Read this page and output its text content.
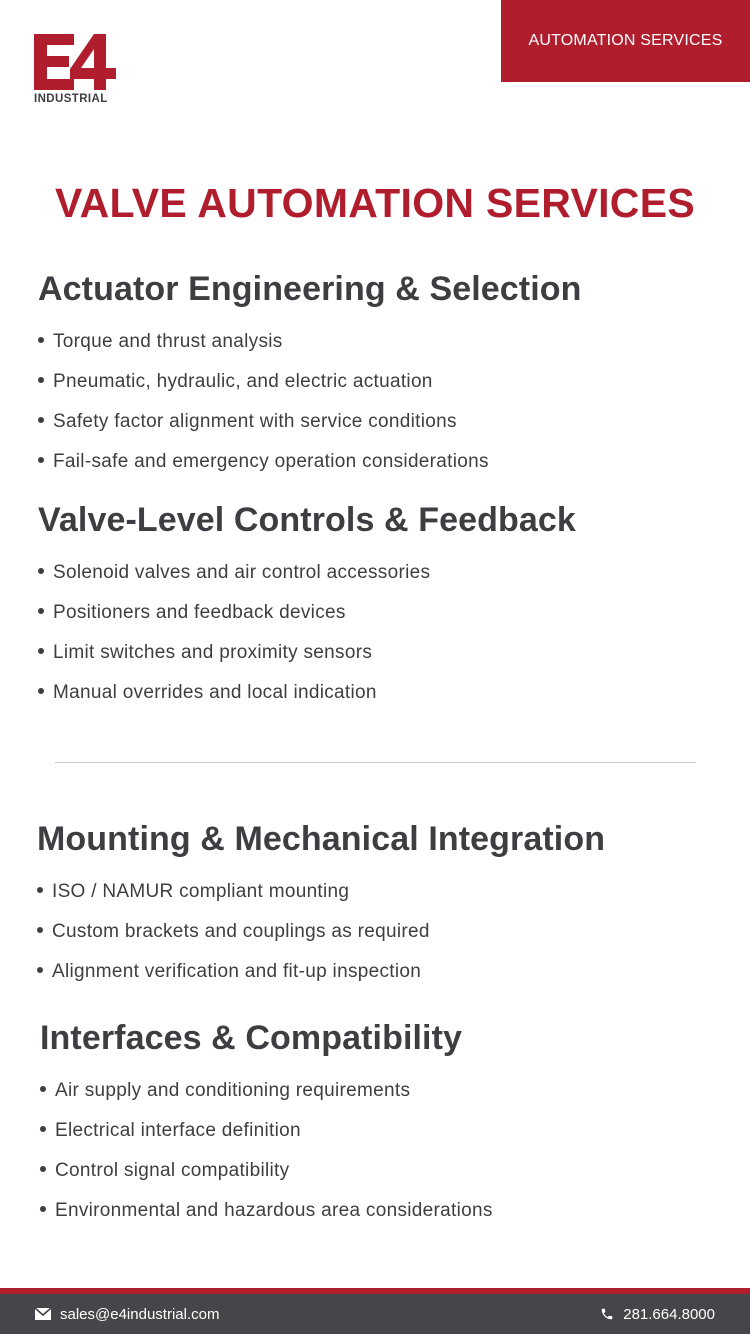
INDUSTRIAL
AUTOMATION SERVICES
VALVE AUTOMATION SERVICES
Actuator Engineering & Selection
Torque and thrust analysis
Pneumatic, hydraulic, and electric actuation
Safety factor alignment with service conditions
Fail-safe and emergency operation considerations
Valve-Level Controls & Feedback
Solenoid valves and air control accessories
Positioners and feedback devices
Limit switches and proximity sensors
Manual overrides and local indication
Mounting & Mechanical Integration
ISO / NAMUR compliant mounting
Custom brackets and couplings as required
Alignment verification and fit-up inspection
Interfaces & Compatibility
Air supply and conditioning requirements
Electrical interface definition
Control signal compatibility
Environmental and hazardous area considerations
sales@e4industrial.com	281.664.8000
